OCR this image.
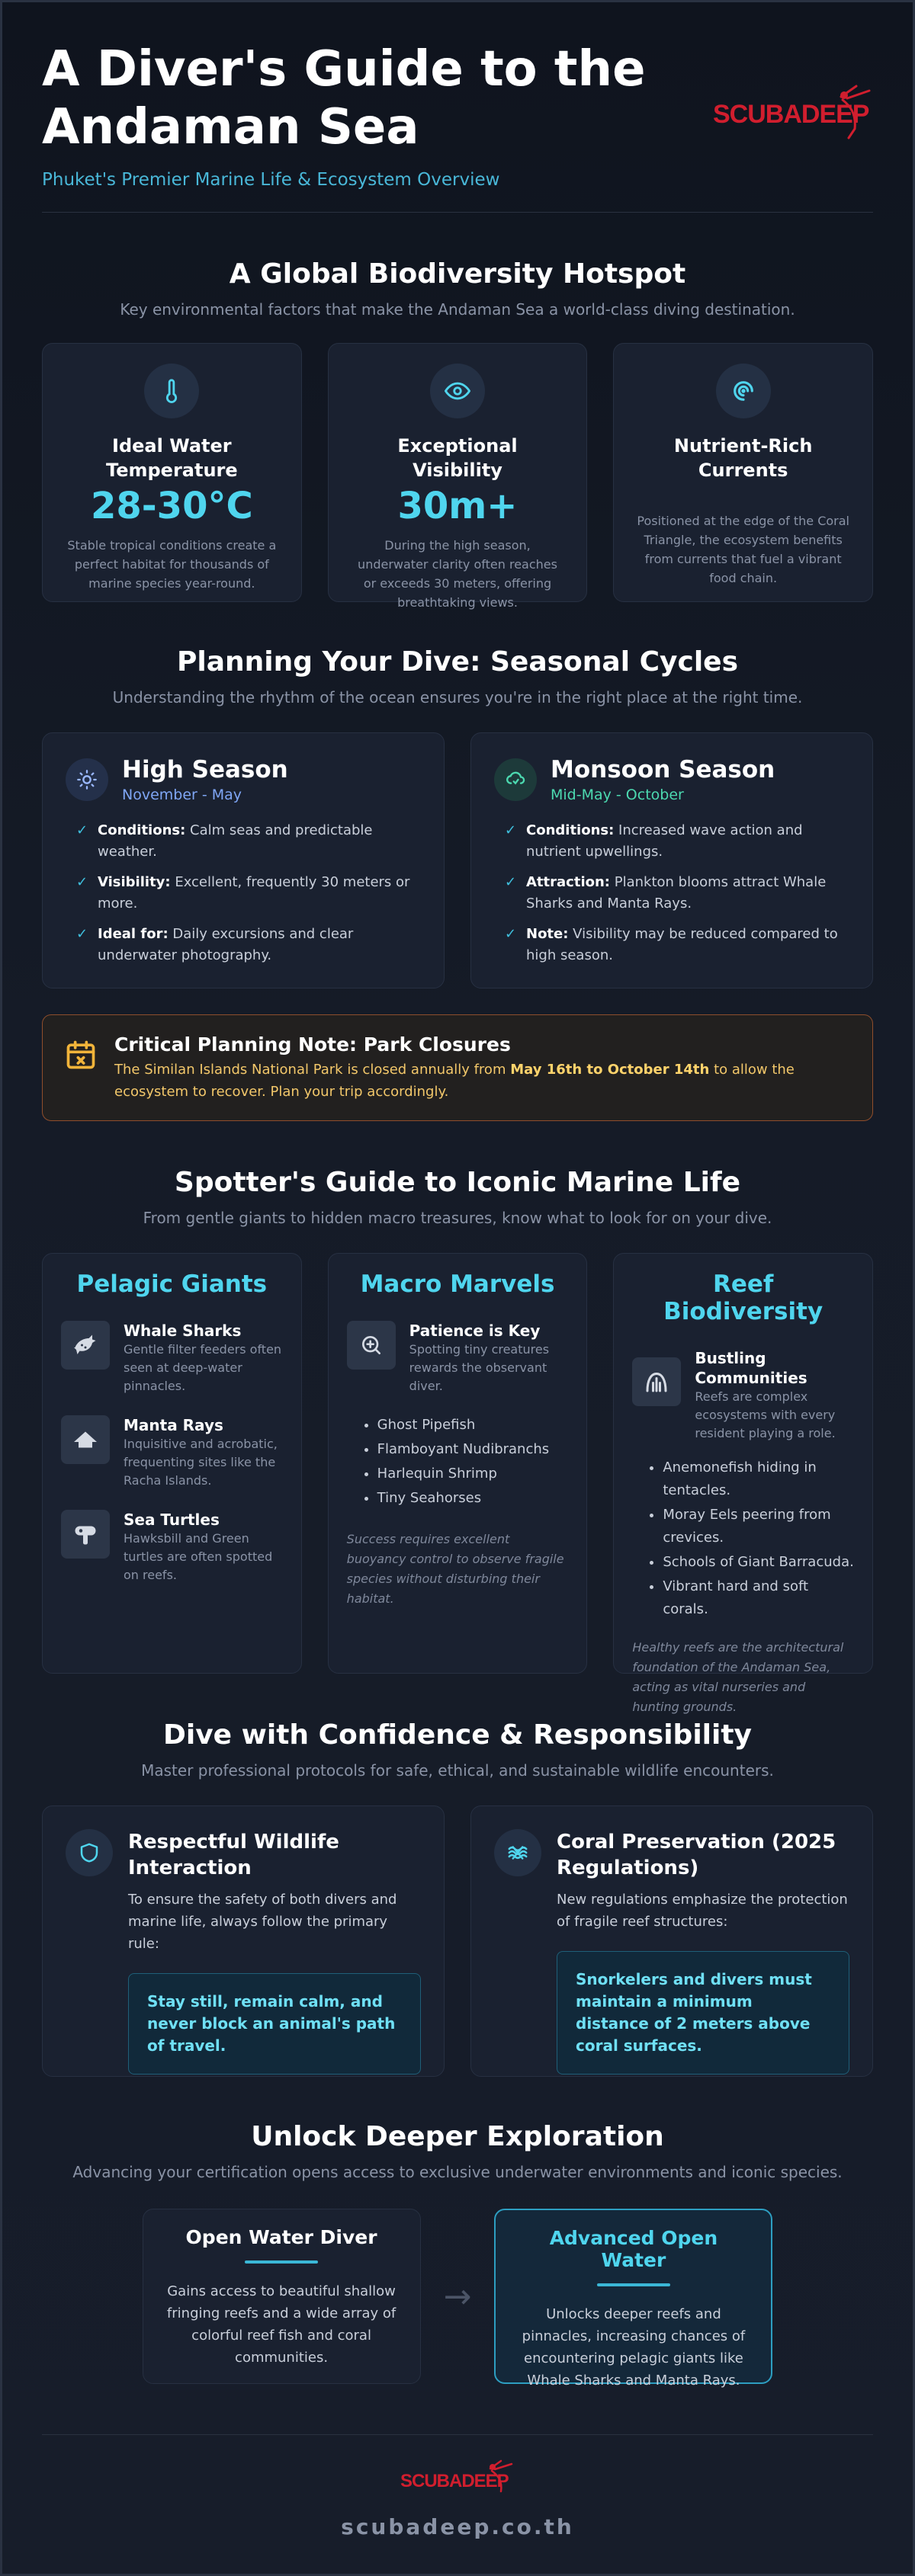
A Diver's Guide to the Andaman Sea
Phuket's Premier Marine Life & Ecosystem Overview
SCUBADEEP
A Global Biodiversity Hotspot
Key environmental factors that make the Andaman Sea a world-class diving destination.
Ideal Water Temperature
28-30°C

Stable tropical conditions create a perfect habitat for thousands of marine species year-round.

Exceptional Visibility
30m+

During the high season, underwater clarity often reaches or exceeds 30 meters, offering breathtaking views.

Nutrient-Rich Currents

Positioned at the edge of the Coral Triangle, the ecosystem benefits from currents that fuel a vibrant food chain.

Planning Your Dive: Seasonal Cycles
Understanding the rhythm of the ocean ensures you're in the right place at the right time.
High Season
November - May
✓ Conditions: Calm seas and predictable weather.
✓ Visibility: Excellent, frequently 30 meters or more.
✓ Ideal for: Daily excursions and clear underwater photography.
Monsoon Season
Mid-May - October
✓ Conditions: Increased wave action and nutrient upwellings.
✓ Attraction: Plankton blooms attract Whale Sharks and Manta Rays.
✓ Note: Visibility may be reduced compared to high season.
Critical Planning Note: Park Closures

The Similan Islands National Park is closed annually from May 16th to October 14th to allow the ecosystem to recover. Plan your trip accordingly.

Spotter's Guide to Iconic Marine Life
From gentle giants to hidden macro treasures, know what to look for on your dive.
Pelagic Giants
Whale Sharks

Gentle filter feeders often seen at deep-water pinnacles.

Manta Rays

Inquisitive and acrobatic, frequenting sites like the Racha Islands.

Sea Turtles

Hawksbill and Green turtles are often spotted on reefs.

Macro Marvels
Patience is Key

Spotting tiny creatures rewards the observant diver.

• Ghost Pipefish
• Flamboyant Nudibranchs
• Harlequin Shrimp
• Tiny Seahorses

Success requires excellent buoyancy control to observe fragile species without disturbing their habitat.

Reef Biodiversity
Bustling Communities

Reefs are complex ecosystems with every resident playing a role.

• Anemonefish hiding in tentacles.
• Moray Eels peering from crevices.
• Schools of Giant Barracuda.
• Vibrant hard and soft corals.

Healthy reefs are the architectural foundation of the Andaman Sea, acting as vital nurseries and hunting grounds.

Dive with Confidence & Responsibility
Master professional protocols for safe, ethical, and sustainable wildlife encounters.
Respectful Wildlife Interaction

To ensure the safety of both divers and marine life, always follow the primary rule:

Stay still, remain calm, and never block an animal's path of travel.
Coral Preservation (2025 Regulations)

New regulations emphasize the protection of fragile reef structures:

Snorkelers and divers must maintain a minimum distance of 2 meters above coral surfaces.
Unlock Deeper Exploration
Advancing your certification opens access to exclusive underwater environments and iconic species.
Open Water Diver

Gains access to beautiful shallow fringing reefs and a wide array of colorful reef fish and coral communities.

→
Advanced Open Water

Unlocks deeper reefs and pinnacles, increasing chances of encountering pelagic giants like Whale Sharks and Manta Rays.

SCUBADEEP
scubadeep.co.th
